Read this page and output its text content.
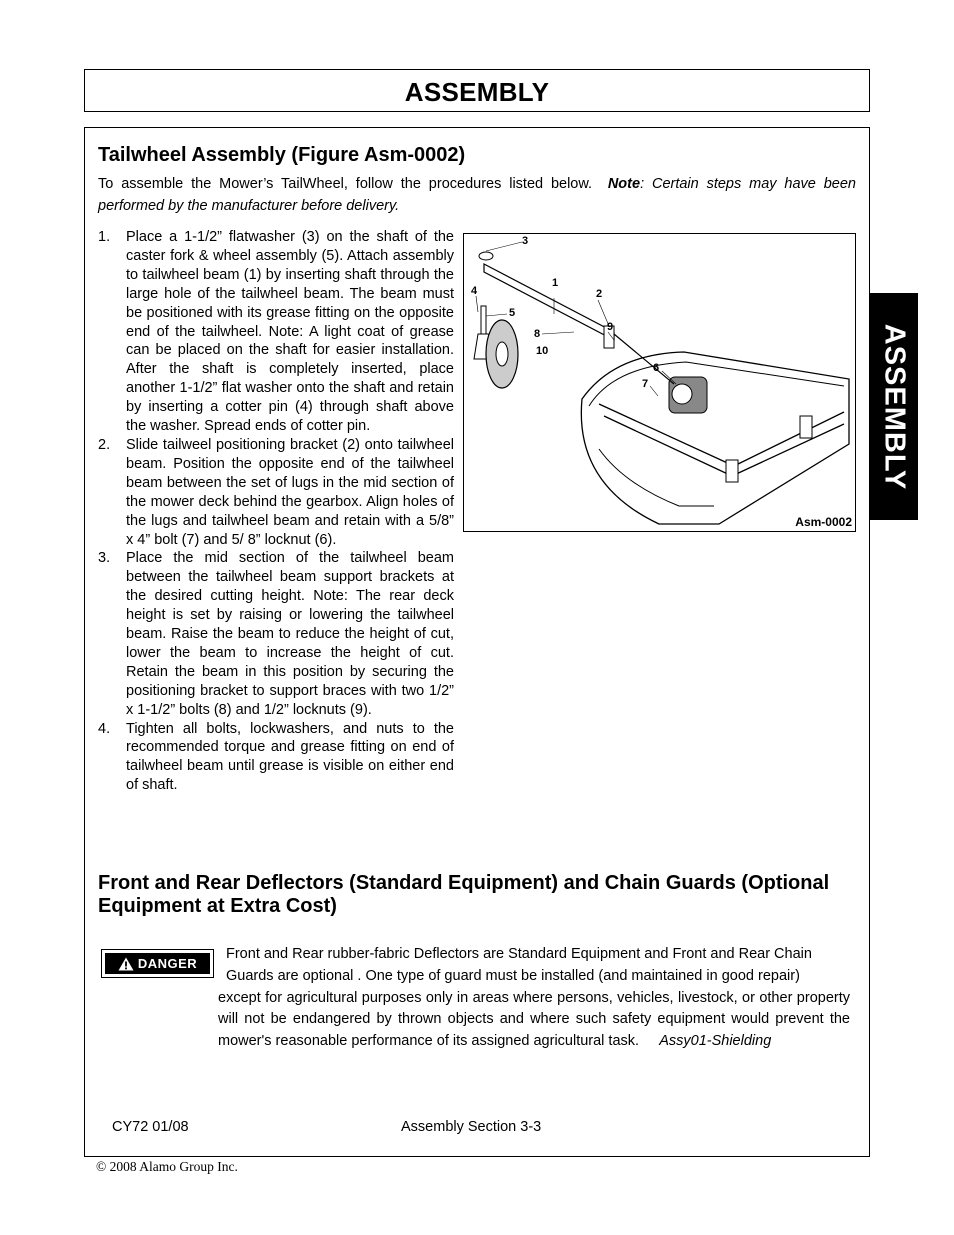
ASSEMBLY
ASSEMBLY
Tailwheel Assembly (Figure Asm-0002)
To assemble the Mower’s TailWheel, follow the procedures listed below. Note: Certain steps may have been performed by the manufacturer before delivery.
1. Place a 1-1/2” flatwasher (3) on the shaft of the caster fork & wheel assembly (5). Attach assembly to tailwheel beam (1) by inserting shaft through the large hole of the tailwheel beam. The beam must be positioned with its grease fitting on the opposite end of the tailwheel. Note: A light coat of grease can be placed on the shaft for easier installation. After the shaft is completely inserted, place another 1-1/2” flat washer onto the shaft and retain by inserting a cotter pin (4) through shaft above the washer. Spread ends of cotter pin.
2. Slide tailweel positioning bracket (2) onto tailwheel beam. Position the opposite end of the tailwheel beam between the set of lugs in the mid section of the mower deck behind the gearbox. Align holes of the lugs and tailwheel beam and retain with a 5/8” x 4” bolt (7) and 5/ 8” locknut (6).
3. Place the mid section of the tailwheel beam between the tailwheel beam support brackets at the desired cutting height. Note: The rear deck height is set by raising or lowering the tailwheel beam. Raise the beam to reduce the height of cut, lower the beam to increase the height of cut. Retain the beam in this position by securing the positioning bracket to support braces with two 1/2” x 1-1/2” bolts (8) and 1/2” locknuts (9).
4. Tighten all bolts, lockwashers, and nuts to the recommended torque and grease fitting on end of tailwheel beam until grease is visible on either end of shaft.
3
1
2
4
5
9
8
10
6
7
Asm-0002
Front and Rear Deflectors (Standard Equipment) and Chain Guards (Optional Equipment at Extra Cost)
DANGER
Front and Rear rubber-fabric Deflectors are Standard Equipment and Front and Rear Chain
Guards are optional . One type of guard must be installed (and maintained in good repair)
except for agricultural purposes only in areas where persons, vehicles, livestock, or other property will not be endangered by thrown objects and where such safety equipment would prevent the mower's reasonable performance of its assigned agricultural task. Assy01-Shielding
CY72 01/08	Assembly Section 3-3
© 2008 Alamo Group Inc.
